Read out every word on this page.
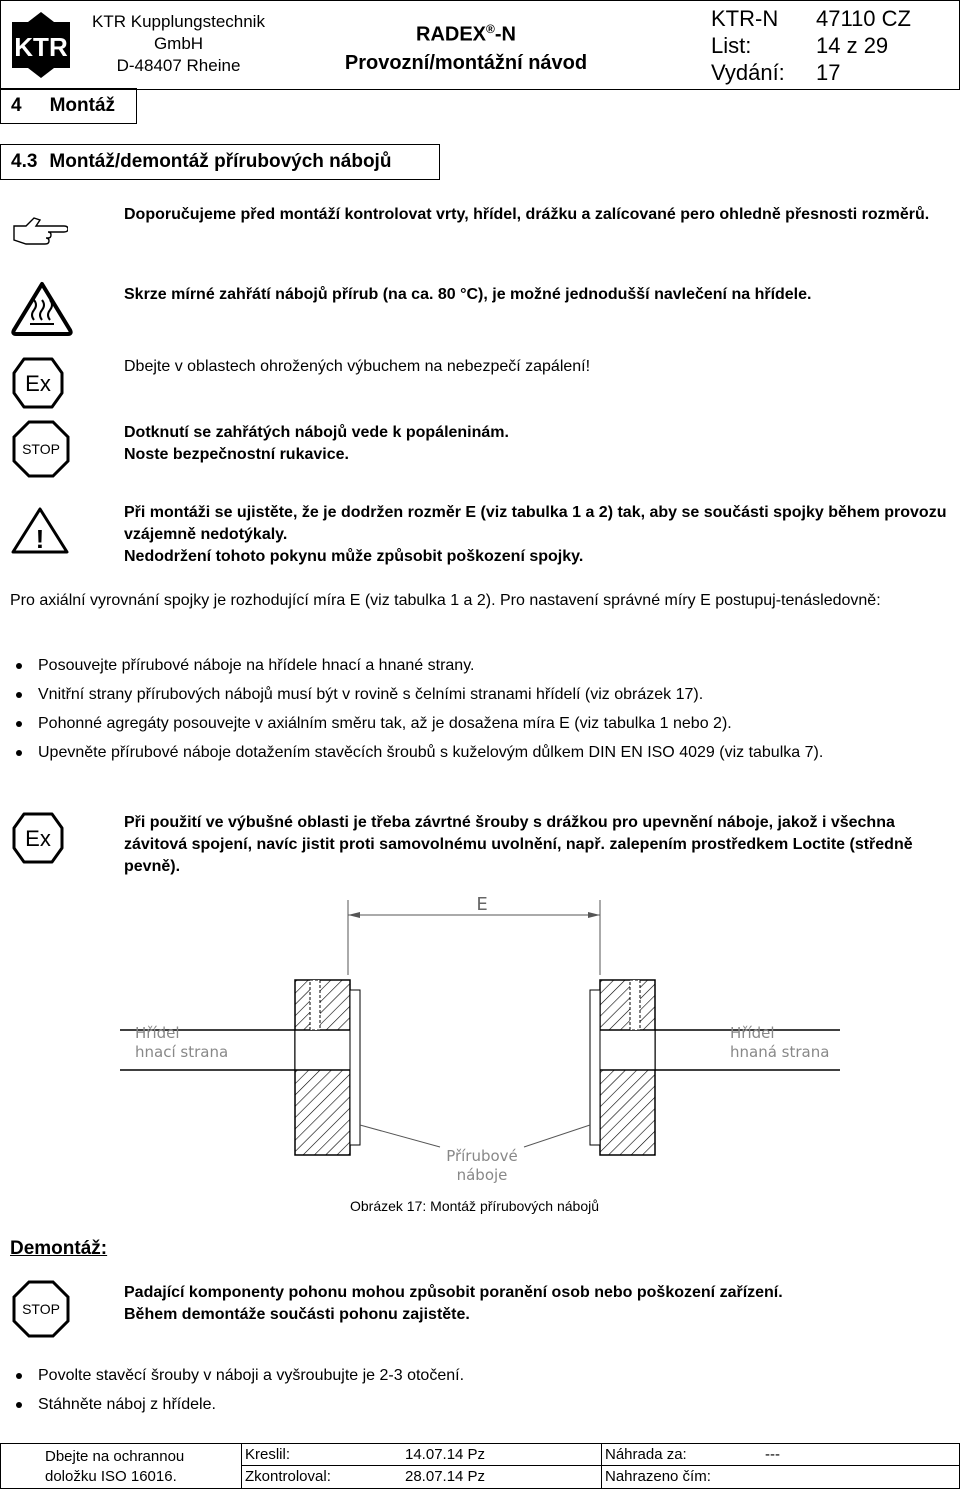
KTR
KTR Kupplungstechnik
GmbH
D-48407 Rheine
RADEX®-N
Provozní/montážní návod
KTR-N	47110 CZ
List:	14 z 29
Vydání:	17
4 Montáž
4.3 Montáž/demontáž přírubových nábojů
Doporučujeme před montáží kontrolovat vrty, hřídel, drážku a zalícované pero ohledně přesnosti rozměrů.
Skrze mírné zahřátí nábojů přírub (na ca. 80 °C), je možné jednodušší navlečení na hřídele.
Ex
Dbejte v oblastech ohrožených výbuchem na nebezpečí zapálení!
STOP
Dotknutí se zahřátých nábojů vede k popáleninám.
Noste bezpečnostní rukavice.
!
Při montáži se ujistěte, že je dodržen rozměr E (viz tabulka 1 a 2) tak, aby se součásti spojky během provozu vzájemně nedotýkaly.
Nedodržení tohoto pokynu může způsobit poškození spojky.
Pro axiální vyrovnání spojky je rozhodující míra E (viz tabulka 1 a 2). Pro nastavení správné míry E postupuj-tenásledovně:
Posouvejte přírubové náboje na hřídele hnací a hnané strany.
Vnitřní strany přírubových nábojů musí být v rovině s čelními stranami hřídelí (viz obrázek 17).
Pohonné agregáty posouvejte v axiálním směru tak, až je dosažena míra E (viz tabulka 1 nebo 2).
Upevněte přírubové náboje dotažením stavěcích šroubů s kuželovým důlkem DIN EN ISO 4029 (viz tabulka 7).
Ex
Při použití ve výbušné oblasti je třeba závrtné šrouby s drážkou pro upevnění náboje, jakož i všechna závitová spojení, navíc jistit proti samovolnému uvolnění, např. zalepením prostředkem Loctite (středně pevně).
E
Hřídel
hnací strana
Hřídel
hnaná strana
Přírubové
náboje
Obrázek 17: Montáž přírubových nábojů
Demontáž:
STOP
Padající komponenty pohonu mohou způsobit poranění osob nebo poškození zařízení.
Během demontáže součásti pohonu zajistěte.
Povolte stavěcí šrouby v náboji a vyšroubujte je 2-3 otočení.
Stáhněte náboj z hřídele.
Dbejte na ochrannou
doložku ISO 16016.
Kreslil:	14.07.14 Pz
Zkontroloval:	28.07.14 Pz
Náhrada za:	---
Nahrazeno čím:
